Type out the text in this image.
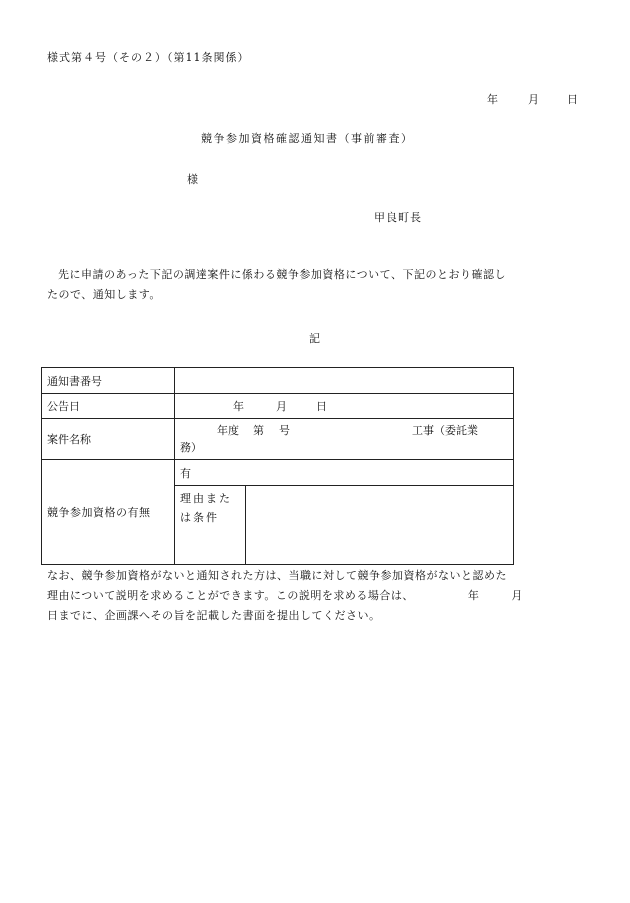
様式第４号（その２）（第11条関係）
年	月	日
競争参加資格確認通知書（事前審査）
様
甲良町長
先に申請のあった下記の調達案件に係わる競争参加資格について、下記のとおり確認し
たので、通知します。
記
通知書番号		
公告日	年 月 日	
案件名称	年度 第 号 工事（委託業
務）	

競争参加資格の有無	有	

	理由また
は条件	

なお、競争参加資格がないと通知された方は、当職に対して競争参加資格がないと認めた
理由について説明を求めることができます。この説明を求める場合は、	年	月
日までに、企画課へその旨を記載した書面を提出してください。
